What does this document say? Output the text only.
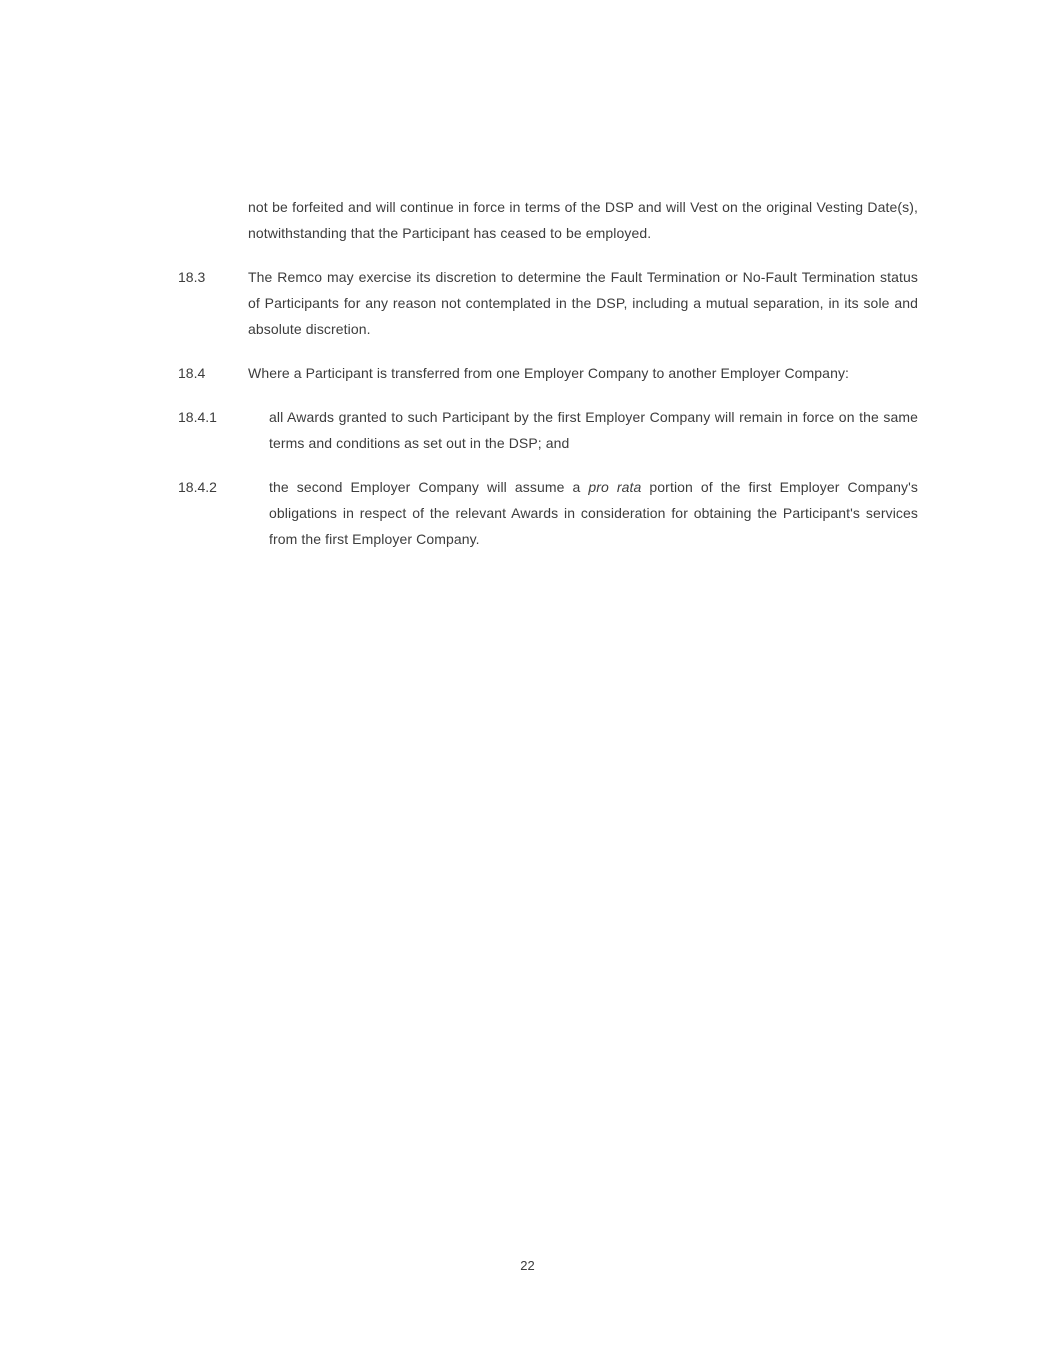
not be forfeited and will continue in force in terms of the DSP and will Vest on the original Vesting Date(s), notwithstanding that the Participant has ceased to be employed.

18.3	The Remco may exercise its discretion to determine the Fault Termination or No-Fault Termination status of Participants for any reason not contemplated in the DSP, including a mutual separation, in its sole and absolute discretion.
18.4	Where a Participant is transferred from one Employer Company to another Employer Company:
18.4.1	all Awards granted to such Participant by the first Employer Company will remain in force on the same terms and conditions as set out in the DSP; and
18.4.2	the second Employer Company will assume a pro rata portion of the first Employer Company's obligations in respect of the relevant Awards in consideration for obtaining the Participant's services from the first Employer Company.
22
